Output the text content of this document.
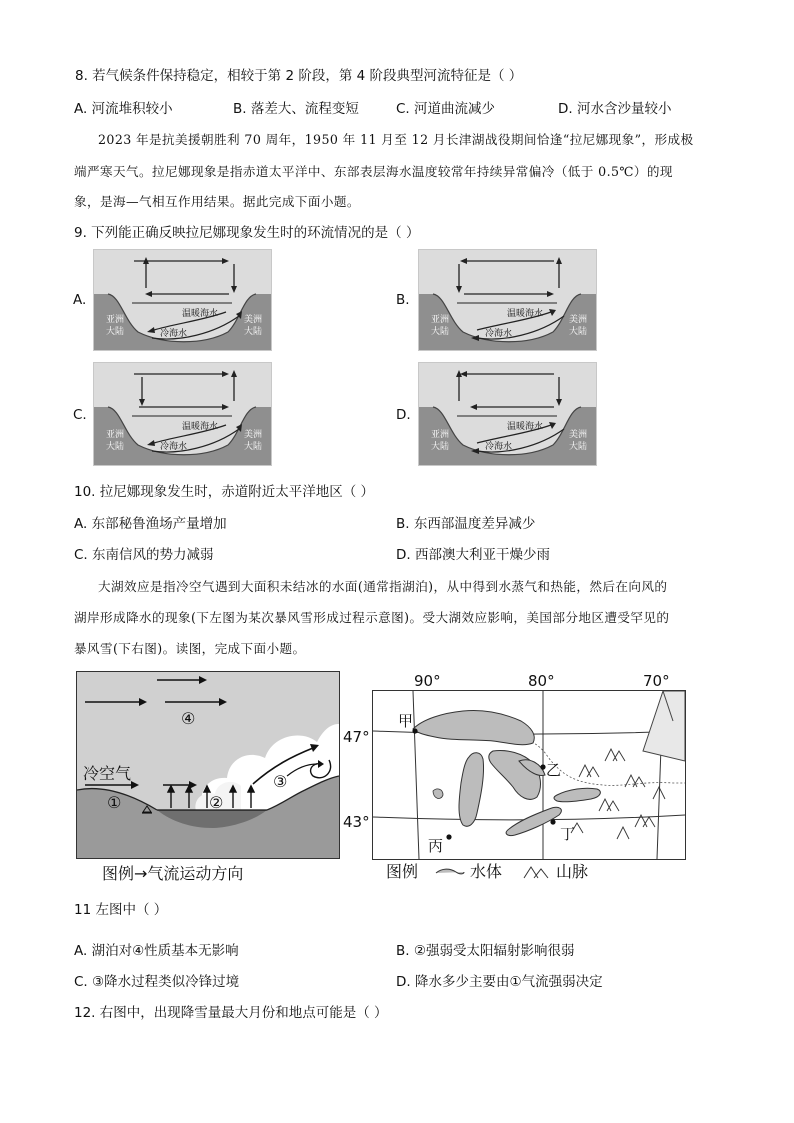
8. 若气候条件保持稳定，相较于第 2 阶段，第 4 阶段典型河流特征是（ ）
A. 河流堆积较小	B. 落差大、流程变短	C. 河道曲流减少	D. 河水含沙量较小
2023 年是抗美援朝胜利 70 周年，1950 年 11 月至 12 月长津湖战役期间恰逢“拉尼娜现象”，形成极
端严寒天气。拉尼娜现象是指赤道太平洋中、东部表层海水温度较常年持续异常偏冷（低于 0.5℃）的现
象，是海—气相互作用结果。据此完成下面小题。
9. 下列能正确反映拉尼娜现象发生时的环流情况的是（ ）
A.	B.
C.	D.
亚洲
大陆
美洲
大陆
温暖海水
冷海水
亚洲
大陆
美洲
大陆
温暖海水
冷海水
亚洲
大陆
美洲
大陆
温暖海水
冷海水
亚洲
大陆
美洲
大陆
温暖海水
冷海水
10. 拉尼娜现象发生时，赤道附近太平洋地区（ ）
A. 东部秘鲁渔场产量增加	B. 东西部温度差异减少
C. 东南信风的势力减弱	D. 西部澳大利亚干燥少雨
大湖效应是指冷空气遇到大面积未结冰的水面(通常指湖泊)，从中得到水蒸气和热能，然后在向风的
湖岸形成降水的现象(下左图为某次暴风雪形成过程示意图)。受大湖效应影响，美国部分地区遭受罕见的
暴风雪(下右图)。读图，完成下面小题。
④
①	②
③
冷空气
图例→气流运动方向
90°	80°	70°
47°
43°
甲
乙
丙
丁
图例	水体	山脉
11 左图中（ ）
A. 湖泊对④性质基本无影响	B. ②强弱受太阳辐射影响很弱
C. ③降水过程类似冷锋过境	D. 降水多少主要由①气流强弱决定
12. 右图中，出现降雪量最大月份和地点可能是（ ）
